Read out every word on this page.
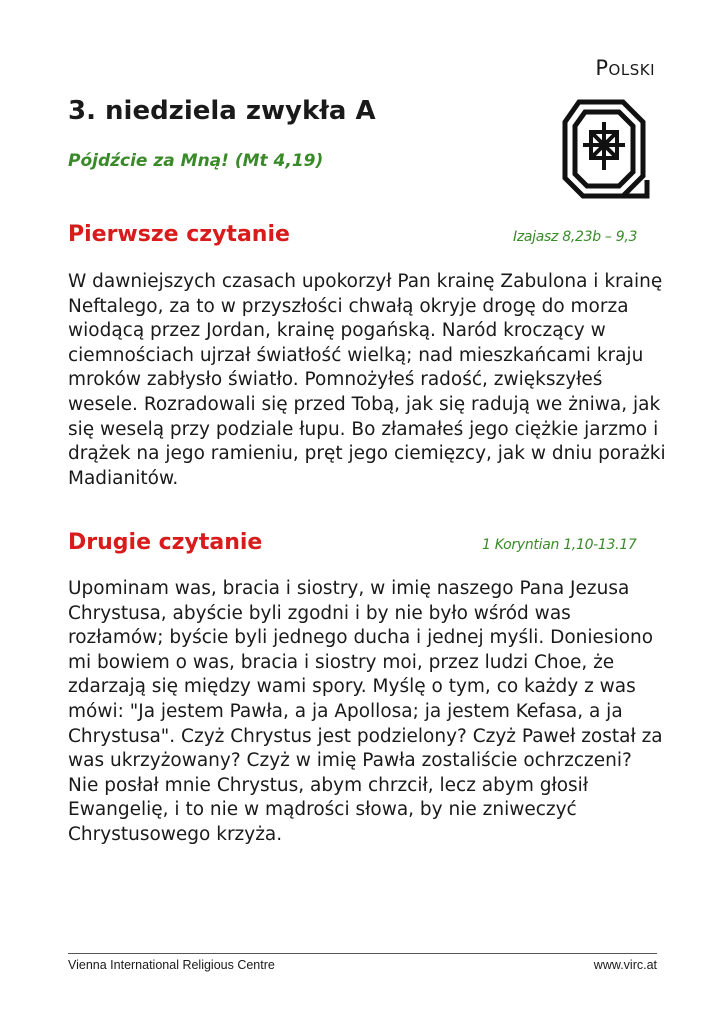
Polski
3. niedziela zwykła A
Pójdźcie za Mną! (Mt 4,19)
Pierwsze czytanie	Izajasz 8,23b – 9,3

W dawniejszych czasach upokorzył Pan krainę Zabulona i krainę Neftalego, za to w przyszłości chwałą okryje drogę do morza wiodącą przez Jordan, krainę pogańską. Naród kroczący w ciemnościach ujrzał światłość wielką; nad mieszkańcami kraju mroków zabłysło światło. Pomnożyłeś radość, zwiększyłeś wesele. Rozradowali się przed Tobą, jak się radują we żniwa, jak się weselą przy podziale łupu. Bo złamałeś jego ciężkie jarzmo i drążek na jego ramieniu, pręt jego ciemięzcy, jak w dniu porażki Madianitów.

Drugie czytanie	1 Koryntian 1,10-13.17

Upominam was, bracia i siostry, w imię naszego Pana Jezusa Chrystusa, abyście byli zgodni i by nie było wśród was rozłamów; byście byli jednego ducha i jednej myśli. Doniesiono mi bowiem o was, bracia i siostry moi, przez ludzi Choe, że zdarzają się między wami spory. Myślę o tym, co każdy z was mówi: "Ja jestem Pawła, a ja Apollosa; ja jestem Kefasa, a ja Chrystusa". Czyż Chrystus jest podzielony? Czyż Paweł został za was ukrzyżowany? Czyż w imię Pawła zostaliście ochrzczeni? Nie posłał mnie Chrystus, abym chrzcił, lecz abym głosił Ewangelię, i to nie w mądrości słowa, by nie zniweczyć Chrystusowego krzyża.

Vienna International Religious Centre	www.virc.at
